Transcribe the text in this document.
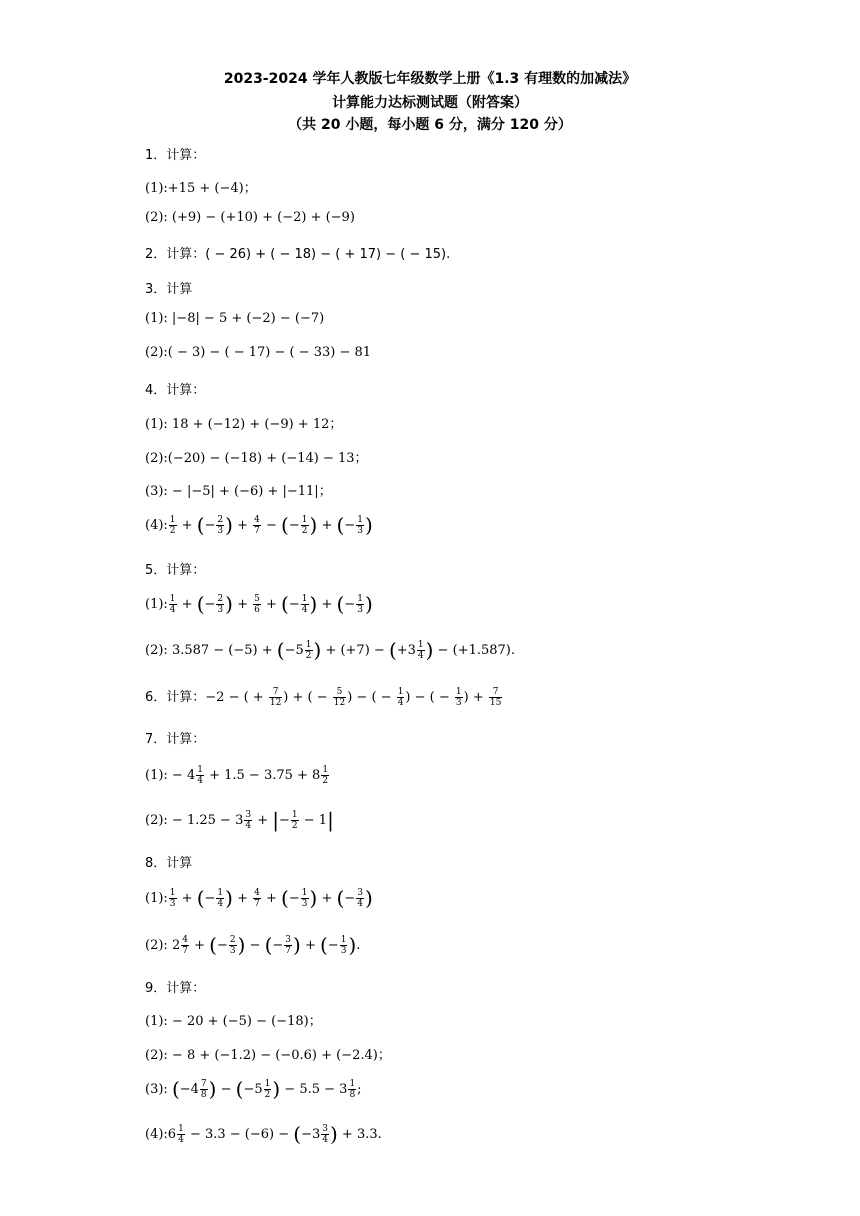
2023-2024 学年人教版七年级数学上册《1.3 有理数的加减法》
计算能力达标测试题（附答案）
（共 20 小题，每小题 6 分，满分 120 分）
1．计算：
(1):+15 + (−4)；
(2): (+9) − (+10) + (−2) + (−9)
2．计算：( − 26) + ( − 18) − ( + 17) − ( − 15).
3．计算
(1): |−8| − 5 + (−2) − (−7)
(2):( − 3) − ( − 17) − ( − 33) − 81
4．计算：
(1): 18 + (−12) + (−9) + 12；
(2):(−20) − (−18) + (−14) − 13；
(3): − |−5| + (−6) + |−11|；
(4): $\frac{1}{2}$ + (− $\frac{2}{3}$ ) + $\frac{4}{7}$ − (− $\frac{1}{2}$ ) + (− $\frac{1}{3}$ )
5．计算：
(1): $\frac{1}{4}$ + (− $\frac{2}{3}$ ) + $\frac{5}{6}$ + (− $\frac{1}{4}$ ) + (− $\frac{1}{3}$ )
(2): $3.587 - (-5) + (-5 \frac{1}{2}$ ) + $(+7) - (+3 \frac{1}{4}$ ) − (+1.587).
6．计算：−2 − ( + $\frac{7}{12}$ ) + ( − $\frac{5}{12}$ ) − ( − $\frac{1}{4}$ ) − ( − $\frac{1}{3}$ ) + $\frac{7}{15}$
7．计算：
(1): − $4 \frac{1}{4} + 1.5 - 3.75 + 8 \frac{1}{2}$
(2): − $1.25 - 3 \frac{3}{4}$ + |− $\frac{1}{2} - 1|$
8．计算
(1): $\frac{1}{3}$ + (− $\frac{1}{4}$ ) + $\frac{4}{7}$ + (− $\frac{1}{3}$ ) + (− $\frac{3}{4}$ )
(2): $2 \frac{4}{7}$ + (− $\frac{2}{3}$ ) − (− $\frac{3}{7}$ ) + (− $\frac{1}{3}$ ).
9．计算：
(1): − 20 + (−5) − (−18)；
(2): − 8 + (−1.2) − (−0.6) + (−2.4)；
(3): ($-4 \frac{7}{8}$ ) − ($-5 \frac{1}{2}$ ) − $5.5 - 3 \frac{1}{8}$ ;
(4):6 $\frac{1}{4} - 3.3 - (-6) - (-3 \frac{3}{4}$ ) + 3.3.
